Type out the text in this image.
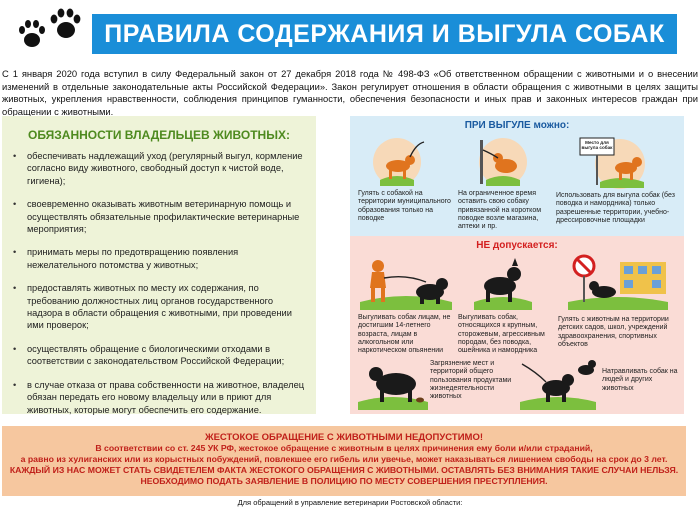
ПРАВИЛА СОДЕРЖАНИЯ И ВЫГУЛА СОБАК
С 1 января 2020 года вступил в силу Федеральный закон от 27 декабря 2018 года № 498-ФЗ «Об ответственном обращении с животными и о внесении изменений в отдельные законодательные акты Российской Федерации». Закон регулирует отношения в области обращения с животными в целях защиты животных, укрепления нравственности, соблюдения принципов гуманности, обеспечения безопасности и иных прав и законных интересов граждан при обращении с животными.
ОБЯЗАННОСТИ ВЛАДЕЛЬЦЕВ ЖИВОТНЫХ:
• обеспечивать надлежащий уход (регулярный выгул, кормление согласно виду животного, свободный доступ к чистой воде, гигиена);
• своевременно оказывать животным ветеринарную помощь и осуществлять обязательные профилактические ветеринарные мероприятия;
• принимать меры по предотвращению появления нежелательного потомства у животных;
• предоставлять животных по месту их содержания, по требованию должностных лиц органов государственного надзора в области обращения с животными, при проведении ими проверок;
• осуществлять обращение с биологическими отходами в соответствии с законодательством Российской Федерации;
• в случае отказа от права собственности на животное, владелец обязан передать его новому владельцу или в приют для животных, которые могут обеспечить его содержание.
ПРИ ВЫГУЛЕ можно:
Гулять с собакой на территории муниципального образования только на поводке
На ограниченное время оставить свою собаку привязанной на коротком поводке возле магазина, аптеки и пр.
Место для выгула собак
Использовать для выгула собак (без поводка и намордника) только разрешенные территории, учебно-дрессировочные площадки
НЕ допускается:
Выгуливать собак лицам, не достигшим 14-летнего возраста, лицам в алкогольном или наркотическом опьянении
Выгуливать собак, относящихся к крупным, сторожевым, агрессивным породам, без поводка, ошейника и намордника
Гулять с животным на территории детских садов, школ, учреждений здравоохранения, спортивных объектов
Загрязнение мест и территорий общего пользования продуктами жизнедеятельности животных
Натравливать собак на людей и других животных
ЖЕСТОКОЕ ОБРАЩЕНИЕ С ЖИВОТНЫМИ НЕДОПУСТИМО!
В соответствии со ст. 245 УК РФ, жестокое обращение с животным в целях причинения ему боли и/или страданий,
а равно из хулиганских или из корыстных побуждений, повлекшее его гибель или увечье, может наказываться лишением свободы на срок до 3 лет.
КАЖДЫЙ ИЗ НАС МОЖЕТ СТАТЬ СВИДЕТЕЛЕМ ФАКТА ЖЕСТОКОГО ОБРАЩЕНИЯ С ЖИВОТНЫМИ. ОСТАВЛЯТЬ БЕЗ ВНИМАНИЯ ТАКИЕ СЛУЧАИ НЕЛЬЗЯ.
НЕОБХОДИМО ПОДАТЬ ЗАЯВЛЕНИЕ В ПОЛИЦИЮ ПО МЕСТУ СОВЕРШЕНИЯ ПРЕСТУПЛЕНИЯ.
Для обращений в управление ветеринарии Ростовской области:
